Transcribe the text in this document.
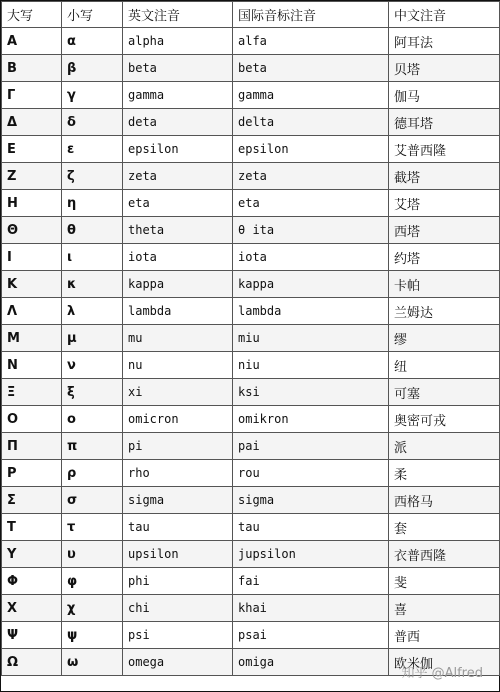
大写	小写	英文注音	国际音标注音	中文注音
Α	α	alpha	alfa	阿耳法
Β	β	beta	beta	贝塔
Γ	γ	gamma	gamma	伽马
Δ	δ	deta	delta	德耳塔
Ε	ε	epsilon	epsilon	艾普西隆
Ζ	ζ	zeta	zeta	截塔
Η	η	eta	eta	艾塔
Θ	θ	theta	θ ita	西塔
Ι	ι	iota	iota	约塔
Κ	κ	kappa	kappa	卡帕
Λ	λ	lambda	lambda	兰姆达
Μ	μ	mu	miu	缪
Ν	ν	nu	niu	纽
Ξ	ξ	xi	ksi	可塞
Ο	ο	omicron	omikron	奥密可戎
Π	π	pi	pai	派
Ρ	ρ	rho	rou	柔
Σ	σ	sigma	sigma	西格马
Τ	τ	tau	tau	套
Υ	υ	upsilon	jupsilon	衣普西隆
Φ	φ	phi	fai	斐
Χ	χ	chi	khai	喜
Ψ	ψ	psi	psai	普西
Ω	ω	omega	omiga	欧米伽
知乎 @Alfred
